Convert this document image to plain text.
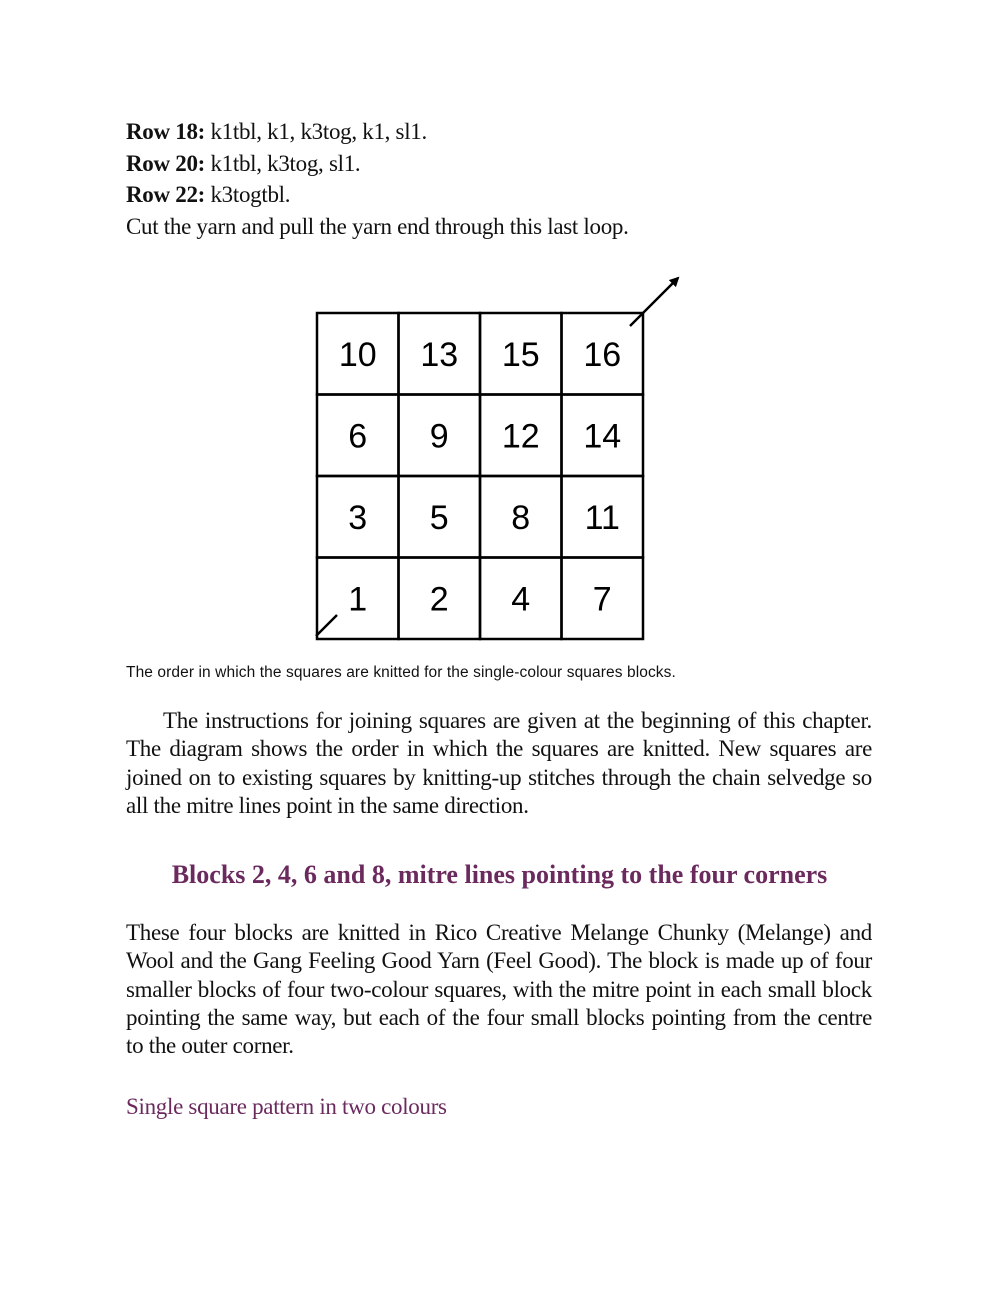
Row 18: k1tbl, k1, k3tog, k1, sl1.
Row 20: k1tbl, k3tog, sl1.
Row 22: k3togtbl.
Cut the yarn and pull the yarn end through this last loop.
10 13 15 16
6 9 12 14
3 5 8 11
1 2 4 7
The order in which the squares are knitted for the single-colour squares blocks.
The instructions for joining squares are given at the beginning of this chapter. The diagram shows the order in which the squares are knitted. New squares are joined on to existing squares by knitting-up stitches through the chain selvedge so all the mitre lines point in the same direction.
Blocks 2, 4, 6 and 8, mitre lines pointing to the four corners
These four blocks are knitted in Rico Creative Melange Chunky (Melange) and Wool and the Gang Feeling Good Yarn (Feel Good). The block is made up of four smaller blocks of four two-colour squares, with the mitre point in each small block pointing the same way, but each of the four small blocks pointing from the centre to the outer corner.
Single square pattern in two colours
